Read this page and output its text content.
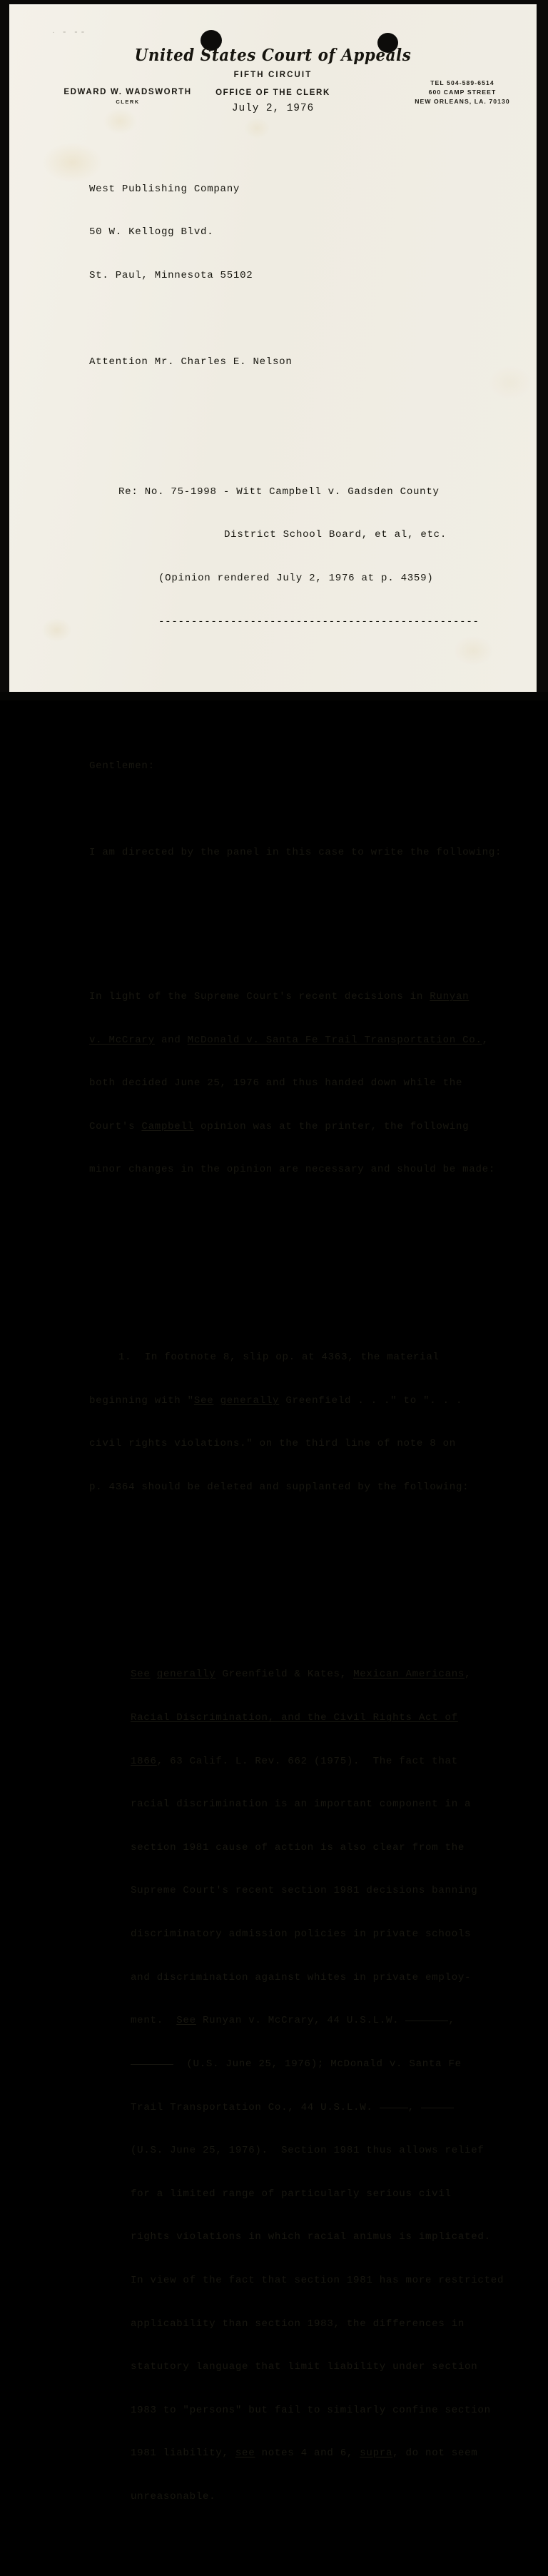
· ⁃ ⁃⁃
United States Court of Appeals
FIFTH CIRCUIT
EDWARD W. WADSWORTH
CLERK
OFFICE OF THE CLERK
July 2, 1976
TEL 504-589-6514
600 CAMP STREET
NEW ORLEANS, LA. 70130

West Publishing Company

50 W. Kellogg Blvd.

St. Paul, Minnesota 55102

Attention Mr. Charles E. Nelson

Re: No. 75-1998 - Witt Campbell v. Gadsden County

District School Board, et al, etc.

(Opinion rendered July 2, 1976 at p. 4359)

-------------------------------------------------

Gentlemen:

I am directed by the panel in this case to write the following:

In light of the Supreme Court's recent decisions in Runyan

v. McCrary and McDonald v. Santa Fe Trail Transportation Co.,

both decided June 25, 1976 and thus handed down while the

Court's Campbell opinion was at the printer, the following

minor changes in the opinion are necessary and should be made:

1.  In footnote 8, slip op. at 4363, the material

beginning with "See generally Greenfield . . ." to ". . .

civil rights violations." on the third line of note 8 on

p. 4364 should be deleted and supplanted by the following:

See generally Greenfield & Kates, Mexican Americans,

Racial Discrimination, and the Civil Rights Act of

1866, 63 Calif. L. Rev. 662 (1975).  The fact that

racial discrimination is an important component in a

section 1981 cause of action is also clear from the

Supreme Court's recent section 1981 decisions banning

discriminatory admission policies in private schools

and discrimination against whites in private employ-

ment.  See Runyan v. McCrary, 44 U.S.L.W.	,

(U.S. June 25, 1976); McDonald v. Santa Fe

Trail Transportation Co., 44 U.S.L.W.	,

(U.S. June 25, 1976).  Section 1981 thus allows relief

for a limited range of particularly serious civil

rights violations in which racial animus is implicated.

In view of the fact that section 1981 has more restricted

applicability than section 1983, the differences in

statutory language that limit liability under section

1983 to "persons" but fail to similarly confine section

1981 liability, see notes 4 and 6, supra, do not seem

unreasonable.
